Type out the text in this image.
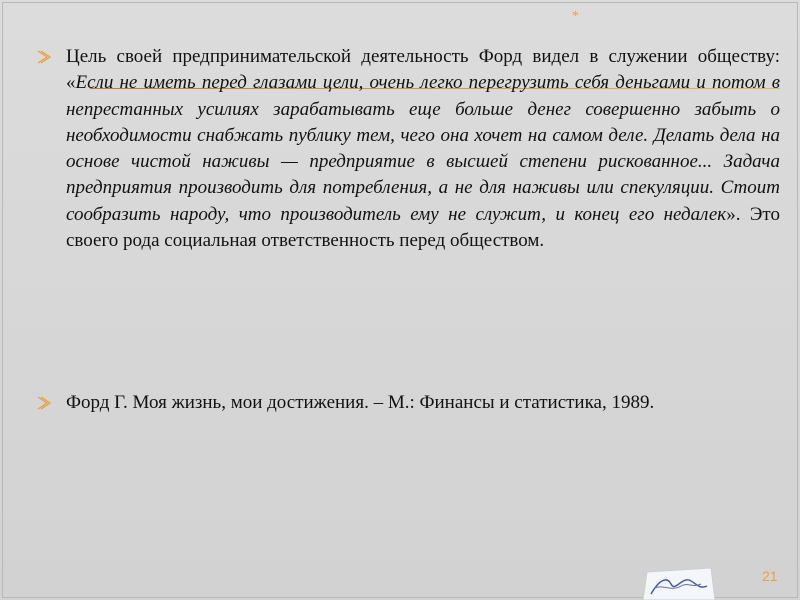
*

Цель своей предпринимательской деятельность Форд видел в служении обществу: «Если не иметь перед глазами цели, очень легко перегрузить себя деньгами и потом в непрестанных усилиях зарабатывать еще больше денег совершенно забыть о необходимости снабжать публику тем, чего она хочет на самом деле. Делать дела на основе чистой наживы — предприятие в высшей степени рискованное... Задача предприятия производить для потребления, а не для наживы или спекуляции. Стоит сообразить народу, что производитель ему не служит, и конец его недалек». Это своего рода социальная ответственность перед обществом.

Форд Г. Моя жизнь, мои достижения. – М.: Финансы и статистика, 1989.

21
